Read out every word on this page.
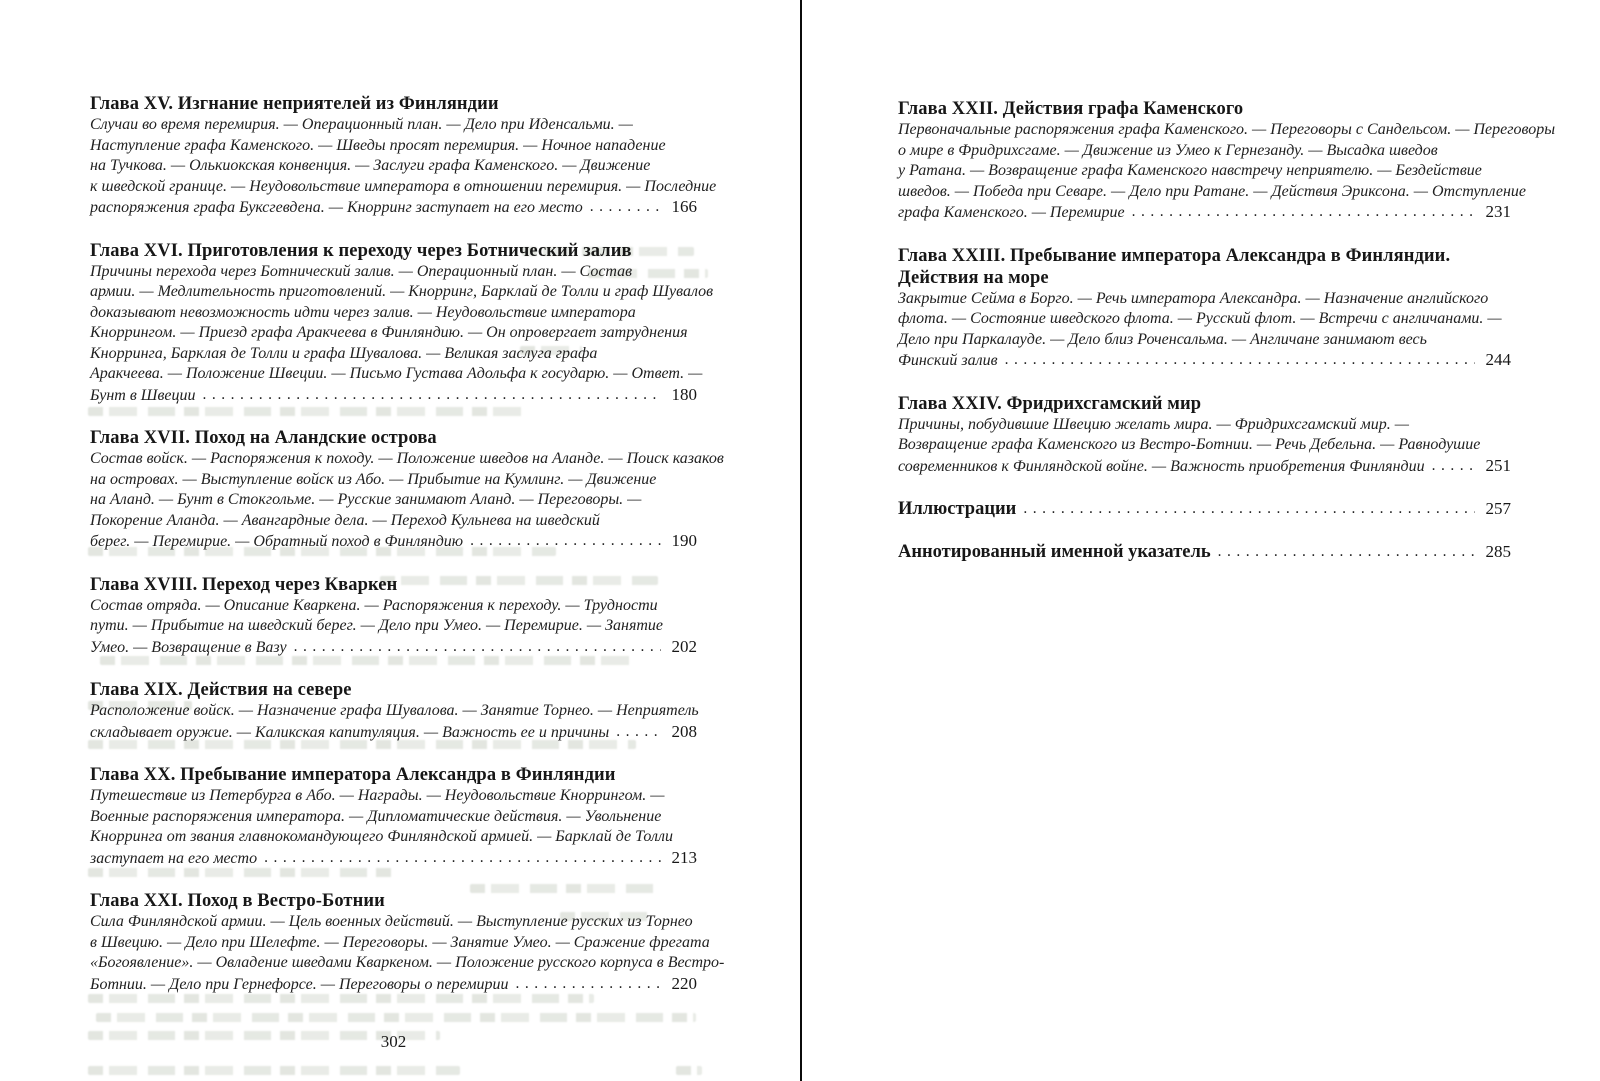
Глава XV. Изгнание неприятелей из Финляндии
Случаи во время перемирия. — Операционный план. — Дело при Иденсальми. —
Наступление графа Каменского. — Шведы просят перемирия. — Ночное нападение
на Тучкова. — Олькиокская конвенция. — Заслуги графа Каменского. — Движение
к шведской границе. — Неудовольствие императора в отношении перемирия. — Последние
распоряжения графа Буксгевдена. — Кнорринг заступает на его место .....	166
Глава XVI. Приготовления к переходу через Ботнический залив
Причины перехода через Ботнический залив. — Операционный план. — Состав
армии. — Медлительность приготовлений. — Кнорринг, Барклай де Толли и граф Шувалов
доказывают невозможность идти через залив. — Неудовольствие императора
Кноррингом. — Приезд графа Аракчеева в Финляндию. — Он опровергает затруднения
Кнорринга, Барклая де Толли и графа Шувалова. — Великая заслуга графа
Аракчеева. — Положение Швеции. — Письмо Густава Адольфа к государю. — Ответ. —
Бунт в Швеции .....	180
Глава XVII. Поход на Аландские острова
Состав войск. — Распоряжения к походу. — Положение шведов на Аланде. — Поиск казаков
на островах. — Выступление войск из Або. — Прибытие на Кумлинг. — Движение
на Аланд. — Бунт в Стокгольме. — Русские занимают Аланд. — Переговоры. —
Покорение Аланда. — Авангардные дела. — Переход Кульнева на шведский
берег. — Перемирие. — Обратный поход в Финляндию .....	190
Глава XVIII. Переход через Кваркен
Состав отряда. — Описание Кваркена. — Распоряжения к переходу. — Трудности
пути. — Прибытие на шведский берег. — Дело при Умео. — Перемирие. — Занятие
Умео. — Возвращение в Вазу .....	202
Глава XIX. Действия на севере
Расположение войск. — Назначение графа Шувалова. — Занятие Торнео. — Неприятель
складывает оружие. — Каликская капитуляция. — Важность ее и причины .....	208
Глава XX. Пребывание императора Александра в Финляндии
Путешествие из Петербурга в Або. — Награды. — Неудовольствие Кноррингом. —
Военные распоряжения императора. — Дипломатические действия. — Увольнение
Кнорринга от звания главнокомандующего Финляндской армией. — Барклай де Толли
заступает на его место .....	213
Глава XXI. Поход в Вестро-Ботнии
Сила Финляндской армии. — Цель военных действий. — Выступление русских из Торнео
в Швецию. — Дело при Шелефте. — Переговоры. — Занятие Умео. — Сражение фрегата
«Богоявление». — Овладение шведами Кваркеном. — Положение русского корпуса в Вестро-
Ботнии. — Дело при Гернефорсе. — Переговоры о перемирии .....	220
302
Глава XXII. Действия графа Каменского
Первоначальные распоряжения графа Каменского. — Переговоры с Сандельсом. — Переговоры
о мире в Фридрихсгаме. — Движение из Умео к Гернезанду. — Высадка шведов
у Ратана. — Возвращение графа Каменского навстречу неприятелю. — Бездействие
шведов. — Победа при Севаре. — Дело при Ратане. — Действия Эриксона. — Отступление
графа Каменского. — Перемирие .....	231
Глава XXIII. Пребывание императора Александра в Финляндии.
Действия на море
Закрытие Сейма в Борго. — Речь императора Александра. — Назначение английского
флота. — Состояние шведского флота. — Русский флот. — Встречи с англичанами. —
Дело при Паркалауде. — Дело близ Роченсальма. — Англичане занимают весь
Финский залив .....	244
Глава XXIV. Фридрихсгамский мир
Причины, побудившие Швецию желать мира. — Фридрихсгамский мир. —
Возвращение графа Каменского из Вестро-Ботнии. — Речь Дебельна. — Равнодушие
современников к Финляндской войне. — Важность приобретения Финляндии .....	251
Иллюстрации .....	257
Аннотированный именной указатель .....	285
